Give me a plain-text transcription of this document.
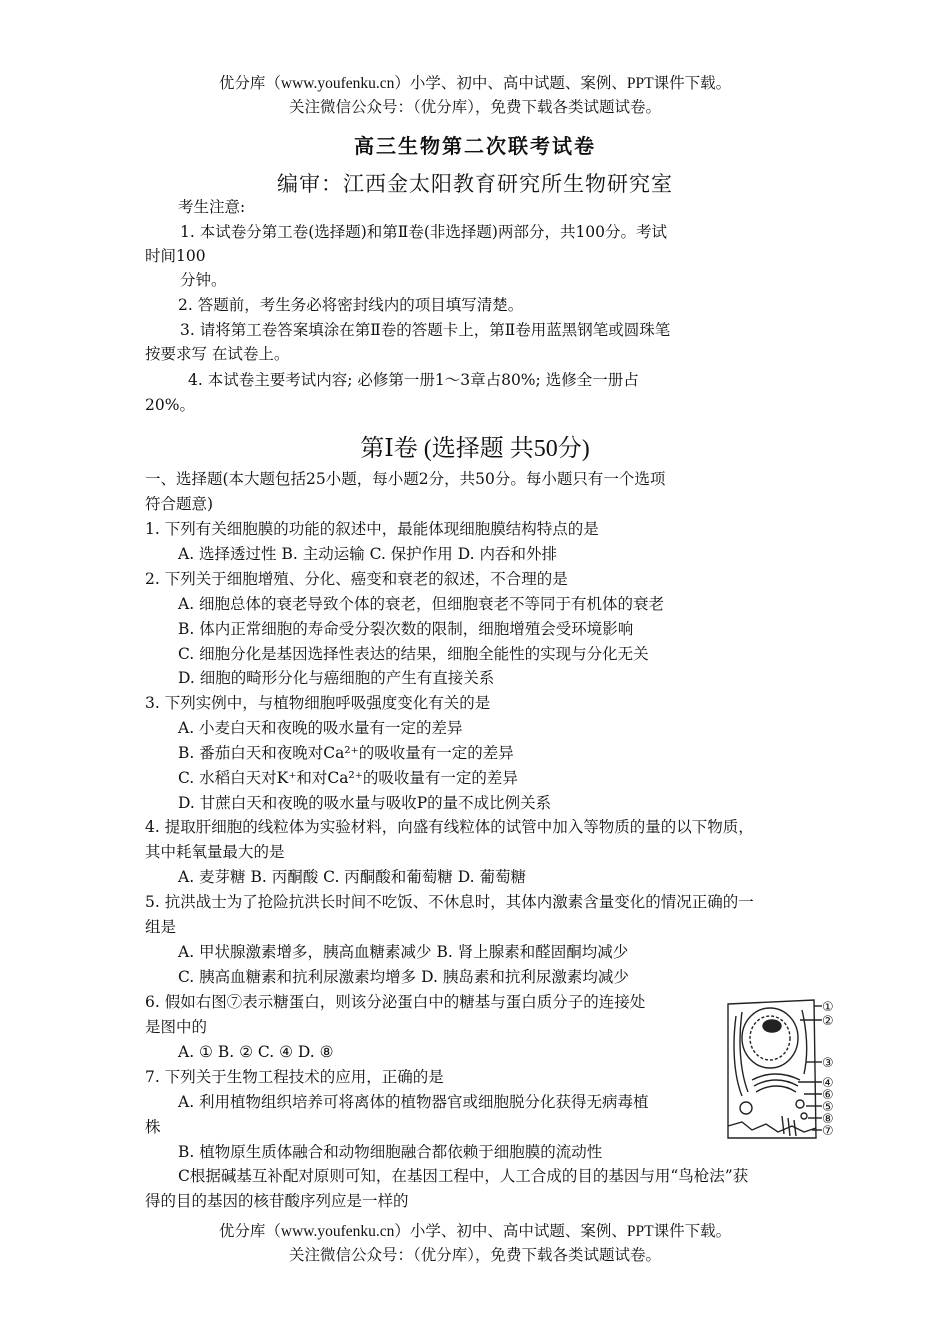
优分库（www.youfenku.cn）小学、初中、高中试题、案例、PPT课件下载。
关注微信公众号：（优分库），免费下载各类试题试卷。
高三生物第二次联考试卷
编审：江西金太阳教育研究所生物研究室
考生注意:
1. 本试卷分第工卷(选择题)和第Ⅱ卷(非选择题)两部分，共100分。考试
时间100
分钟。
2. 答题前，考生务必将密封线内的项目填写清楚。
3. 请将第工卷答案填涂在第Ⅱ卷的答题卡上，第Ⅱ卷用蓝黑钢笔或圆珠笔
按要求写 在试卷上。
4. 本试卷主要考试内容; 必修第一册1～3章占80%; 选修全一册占
20%。
第Ⅰ卷 (选择题 共50分)
一、选择题(本大题包括25小题，每小题2分，共50分。每小题只有一个选项
符合题意)
1. 下列有关细胞膜的功能的叙述中，最能体现细胞膜结构特点的是
A. 选择透过性 B. 主动运输 C. 保护作用 D. 内吞和外排
2. 下列关于细胞增殖、分化、癌变和衰老的叙述，不合理的是
A. 细胞总体的衰老导致个体的衰老，但细胞衰老不等同于有机体的衰老
B. 体内正常细胞的寿命受分裂次数的限制，细胞增殖会受环境影响
C. 细胞分化是基因选择性表达的结果，细胞全能性的实现与分化无关
D. 细胞的畸形分化与癌细胞的产生有直接关系
3. 下列实例中，与植物细胞呼吸强度变化有关的是
A. 小麦白天和夜晚的吸水量有一定的差异
B. 番茄白天和夜晚对Ca²⁺的吸收量有一定的差异
C. 水稻白天对K⁺和对Ca²⁺的吸收量有一定的差异
D. 甘蔗白天和夜晚的吸水量与吸收P的量不成比例关系
4. 提取肝细胞的线粒体为实验材料，向盛有线粒体的试管中加入等物质的量的以下物质，
其中耗氧量最大的是
A. 麦芽糖 B. 丙酮酸 C. 丙酮酸和葡萄糖 D. 葡萄糖
5. 抗洪战士为了抢险抗洪长时间不吃饭、不休息时，其体内激素含量变化的情况正确的一
组是
A. 甲状腺激素增多，胰高血糖素减少 B. 肾上腺素和醛固酮均减少
C. 胰高血糖素和抗利尿激素均增多 D. 胰岛素和抗利尿激素均减少
6. 假如右图⑦表示糖蛋白，则该分泌蛋白中的糖基与蛋白质分子的连接处
是图中的
A. ① B. ② C. ④ D. ⑧
7. 下列关于生物工程技术的应用，正确的是
A. 利用植物组织培养可将离体的植物器官或细胞脱分化获得无病毒植
株
B. 植物原生质体融合和动物细胞融合都依赖于细胞膜的流动性
C根据碱基互补配对原则可知，在基因工程中，人工合成的目的基因与用“鸟枪法”获
得的目的基因的核苷酸序列应是一样的
①
②
③
④
⑥
⑤
⑧
⑦
优分库（www.youfenku.cn）小学、初中、高中试题、案例、PPT课件下载。
关注微信公众号：（优分库），免费下载各类试题试卷。
